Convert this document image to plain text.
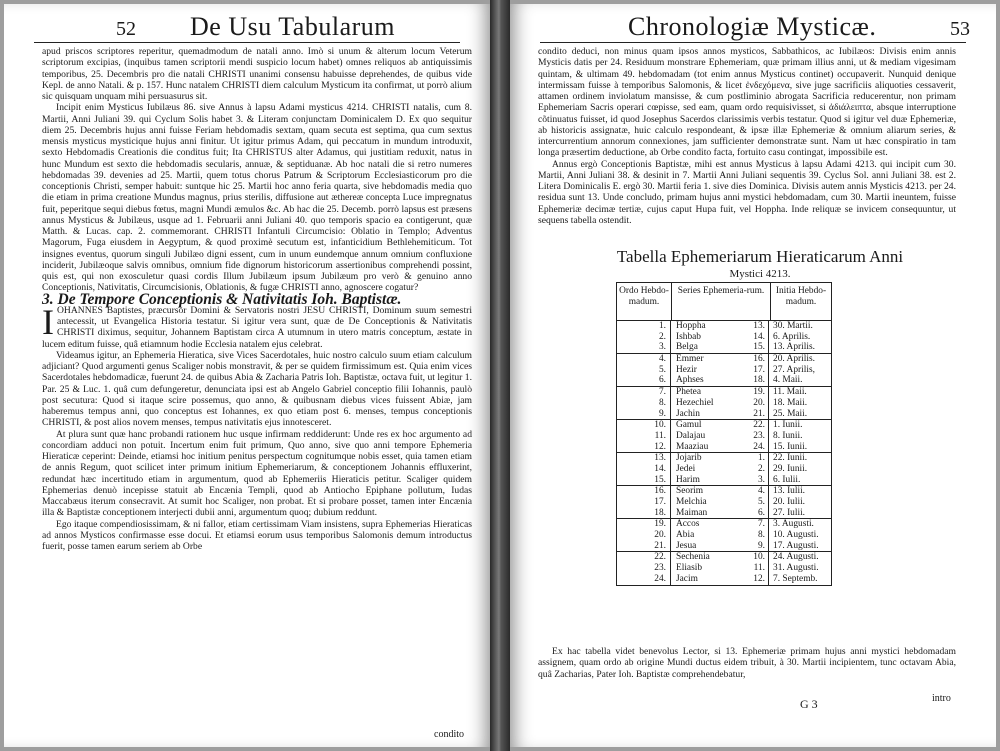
52 De Usu Tabularum

apud priscos scriptores reperitur, quemadmodum de natali anno. Imò si unum & alterum locum Veterum scriptorum excipias, (inquibus tamen scriptorii mendi suspicio locum habet) omnes reliquos ab antiquissimis temporibus, 25. Decembris pro die natali CHRISTI unanimi consensu habuisse deprehendes, de quibus vide Kepl. de anno Natali. & p. 157. Hunc natalem CHRISTI diem calculum Mysticum ita confirmat, ut porrò alium sic quisquam unquam mihi persuasurus sit.

Incipit enim Mysticus Iubilæus 86. sive Annus à lapsu Adami mysticus 4214. CHRISTI natalis, cum 8. Martii, Anni Juliani 39. qui Cyclum Solis habet 3. & Literam conjunctam Dominicalem D. Ex quo sequitur diem 25. Decembris hujus anni fuisse Feriam hebdomadis sextam, quam secuta est septima, qua cum sextus mensis mysticus mysticique hujus anni finitur. Ut igitur primus Adam, qui peccatum in mundum introduxit, sexto Hebdomadis Creationis die conditus fuit; Ita CHRISTUS alter Adamus, qui justitiam reduxit, natus in hunc Mundum est sexto die hebdomadis secularis, annuæ, & septiduanæ. Ab hoc natali die si retro numeres hebdomadas 39. devenies ad 25. Martii, quem totus chorus Patrum & Scriptorum Ecclesiasticorum pro die conceptionis Christi, semper habuit: suntque hic 25. Martii hoc anno feria quarta, sive hebdomadis media quo die etiam in prima creatione Mundus magnus, prius sterilis, diffusione aut æthereæ concepta Luce impregnatus fuit, peperitque sequi diebus fœtus, magni Mundi æmulos &c. Ab hac die 25. Decemb. porrò lapsus est præsens annus Mysticus & Jubilæus, usque ad 1. Februarii anni Juliani 40. quo temporis spacio ea contigerunt, quæ Matth. & Lucas. cap. 2. commemorant. CHRISTI Infantuli Circumcisio: Oblatio in Templo; Adventus Magorum, Fuga eiusdem in Aegyptum, & quod proximè secutum est, infanticidium Bethlehemiticum. Tot insignes eventus, quorum singuli Jubilæo digni essent, cum in unum eundemque annum omnium confluxione inciderit, Jubilæoque salvis omnibus, omnium fide dignorum historicorum assertionibus comprehendi possint, quis est, qui non exosculetur quasi cordis Illum Jubilæum ipsum Jubilæum pro verò & genuino anno Conceptionis, Nativitatis, Circumcisionis, Oblationis, & fugæ CHRISTI anno, agnoscere cogatur?

3. De Tempore Conceptionis & Nativitatis Ioh. Baptistæ.

IOHANNES Baptistes, præcursor Domini & Servatoris nostri JESU CHRISTI, Dominum suum semestri antecessit, ut Evangelica Historia testatur. Si igitur vera sunt, quæ de De Conceptionis & Nativitatis CHRISTI diximus, sequitur, Johannem Baptistam circa A utumnum in utero matris conceptum, æstate in lucem editum fuisse, quâ etiamnum hodie Ecclesia natalem ejus celebrat.

Videamus igitur, an Ephemeria Hieratica, sive Vices Sacerdotales, huic nostro calculo suum etiam calculum adjiciant? Quod argumenti genus Scaliger nobis monstravit, & per se quidem firmissimum est. Quia enim vices Sacerdotales hebdomadicæ, fuerunt 24. de quibus Abia & Zacharia Patris Ioh. Baptistæ, octava fuit, ut legitur 1. Par. 25 & Luc. 1. quâ cum defungeretur, denunciata ipsi est ab Angelo Gabriel conceptio filii Iohannis, paulò post secutura: Quod si itaque scire possemus, quo anno, & quibusnam diebus vices fuissent Abiæ, jam haberemus tempus anni, quo conceptus est Iohannes, ex quo etiam post 6. menses, tempus conceptionis CHRISTI, & post alios novem menses, tempus nativitatis ejus innotesceret.

At plura sunt quæ hanc probandi rationem huc usque infirmam reddiderunt: Unde res ex hoc argumento ad concordiam adduci non potuit. Incertum enim fuit primum, Quo anno, sive quo anni tempore Ephemeria Hieraticæ ceperint: Deinde, etiamsi hoc initium penitus perspectum cognitumque nobis esset, quia tamen etiam de annis Regum, quot scilicet inter primum initium Ephemeriarum, & conceptionem Johannis effluxerint, redundat hæc incertitudo etiam in argumentum, quod ab Ephemeriis Hieraticis petitur. Scaliger quidem Ephemerias denuò incepisse statuit ab Encænia Templi, quod ab Antiocho Epiphane pollutum, Iudas Maccabæus iterum consecravit. At sumit hoc Scaliger, non probat. Et si probare posset, tamen inter Encænia illa & Baptistæ conceptionem interjecti dubii anni, argumentum quoq; dubium reddunt.

Ego itaque compendiosissimam, & ni fallor, etiam certissimam Viam insistens, supra Ephemerias Hieraticas ad annos Mysticos confirmasse esse docui. Et etiamsi eorum usus temporibus Salomonis demum introductus fuerit, posse tamen earum seriem ab Orbe

condito
Chronologiæ Mysticæ.	53

condito deduci, non minus quam ipsos annos mysticos, Sabbathicos, ac Iubilæos: Divisis enim annis Mysticis datis per 24. Residuum monstrare Ephemeriam, quæ primam illius anni, ut & mediam vigesimam quintam, & ultimam 49. hebdomadam (tot enim annus Mysticus continet) occupaverit. Nunquid denique intermissam fuisse à temporibus Salomonis, & licet ἐνδεχόμενα, sive juge sacrificiis aliquoties cessaverit, attamen ordinem inviolatum mansisse, & cum postliminio abrogata Sacrificia reducerentur, non primam Ephemeriam Sacris operari cœpisse, sed eam, quam ordo requisivisset, si ἀδιάλειπτα, absque interruptione cõtinuatus fuisset, id quod Josephus Sacerdos clarissimis verbis testatur. Quod si igitur vel duæ Ephemeriæ, ab historicis assignatæ, huic calculo respondeant, & ipsæ illæ Ephemeriæ & omnium aliarum series, & intercurrentium annorum connexiones, jam sufficienter demonstratæ sunt. Nam ut hæc conspiratio in tam longa præsertim deductione, ab Orbe condito facta, fortuito casu contingat, impossibile est.

Annus ergò Conceptionis Baptistæ, mihi est annus Mysticus à lapsu Adami 4213. qui incipit cum 30. Martii, Anni Juliani 38. & desinit in 7. Martii Anni Juliani sequentis 39. Cyclus Sol. anni Juliani 38. est 2. Litera Dominicalis E. ergò 30. Martii feria 1. sive dies Dominica. Divisis autem annis Mysticis 4213. per 24. residua sunt 13. Unde concludo, primam hujus anni mystici hebdomadam, cum 30. Martii ineuntem, fuisse Ephemeriæ decimæ tertiæ, cujus caput Hupa fuit, vel Hoppha. Inde reliquæ se invicem consequuntur, ut sequens tabella ostendit.

Tabella Ephemeriarum Hieraticarum Anni
Mystici 4213.
Ordo Hebdo-madum.
Series Ephemeria-rum.	Initia Hebdo-madum.
1.	Hoppha	13. 30. Martii.
2.	Ishbab	14. 6. Aprilis.
3.	Belga	15. 13. Aprilis.
4.	Emmer	16. 20. Aprilis.
5.	Hezir	17. 27. Aprilis,
6.	Aphses	18. 4. Maii.
7.	Phetea	19. 11. Maii.
8.	Hezechiel	20. 18. Maii.
9.	Jachin	21. 25. Maii.
10.	Gamul	22. 1. Iunii.
11.	Dalajau	23. 8. Iunii.
12.	Maaziau	24. 15. Iunii.
13.	Jojarib	1. 22. Iunii.
14.	Jedei	2. 29. Iunii.
15.	Harim	3. 6. Iulii.
16.	Seorim	4. 13. Iulii.
17.	Melchia	5. 20. Iulii.
18.	Maiman	6. 27. Iulii.
19.	Accos	7. 3. Augusti.
20.	Abia	8. 10. Augusti.
21.	Jesua	9. 17. Augusti.
22.	Sechenia	10. 24. Augusti.
23.	Eliasib	11. 31. Augusti.
24.	Jacim	12. 7. Septemb.

Ex hac tabella videt benevolus Lector, si 13. Ephemeriæ primam hujus anni mystici hebdomadam assignem, quam ordo ab origine Mundi ductus eidem tribuit, à 30. Martii incipientem, tunc octavam Abia, quâ Zacharias, Pater Ioh. Baptistæ comprehendebatur,

G 3	intro
